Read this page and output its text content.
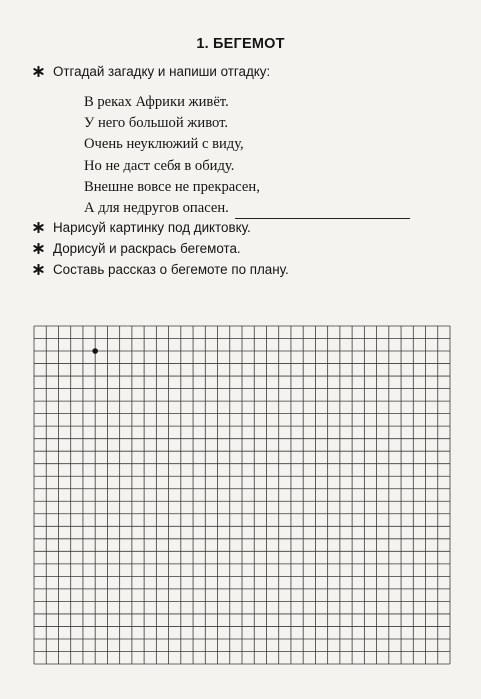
1. БЕГЕМОТ
Отгадай загадку и напиши отгадку:
В реках Африки живёт.
У него большой живот.
Очень неуклюжий с виду,
Но не даст себя в обиду.
Внешне вовсе не прекрасен,
А для недругов опасен.
Нарисуй картинку под диктовку.
Дорисуй и раскрась бегемота.
Составь рассказ о бегемоте по плану.
